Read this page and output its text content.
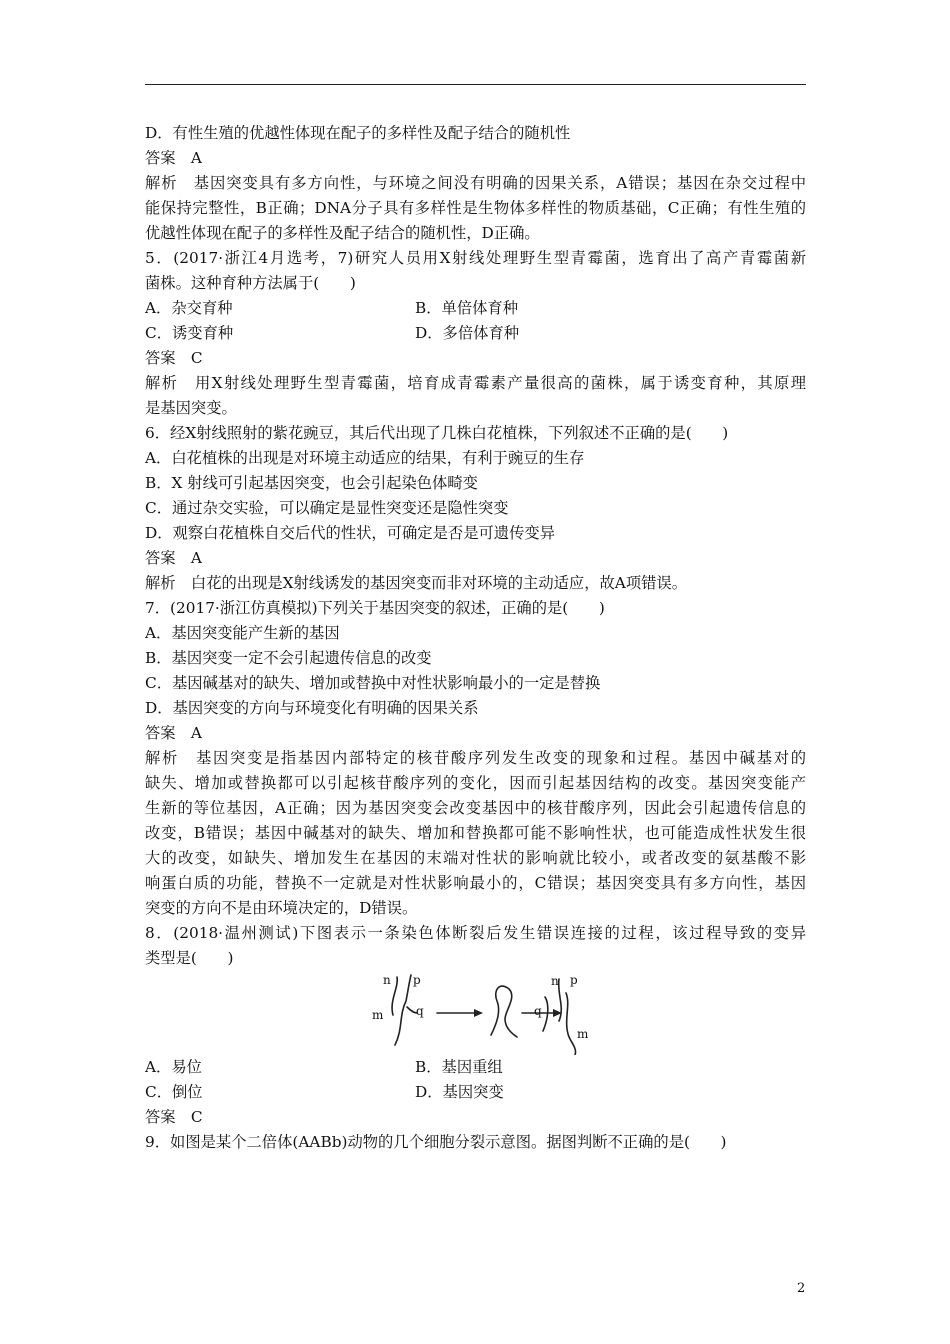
D．有性生殖的优越性体现在配子的多样性及配子结合的随机性
答案　A
解析　基因突变具有多方向性，与环境之间没有明确的因果关系，A错误；基因在杂交过程中
能保持完整性，B正确；DNA分子具有多样性是生物体多样性的物质基础，C正确；有性生殖的
优越性体现在配子的多样性及配子结合的随机性，D正确。
5．(2017·浙江4月选考，7)研究人员用X射线处理野生型青霉菌，选育出了高产青霉菌新
菌株。这种育种方法属于(　　)
A．杂交育种	B．单倍体育种
C．诱变育种	D．多倍体育种
答案　C
解析　用X射线处理野生型青霉菌，培育成青霉素产量很高的菌株，属于诱变育种，其原理
是基因突变。
6．经X射线照射的紫花豌豆，其后代出现了几株白花植株，下列叙述不正确的是(　　)
A．白花植株的出现是对环境主动适应的结果，有利于豌豆的生存
B．X 射线可引起基因突变，也会引起染色体畸变
C．通过杂交实验，可以确定是显性突变还是隐性突变
D．观察白花植株自交后代的性状，可确定是否是可遗传变异
答案　A
解析　白花的出现是X射线诱发的基因突变而非对环境的主动适应，故A项错误。
7．(2017·浙江仿真模拟)下列关于基因突变的叙述，正确的是(　　)
A．基因突变能产生新的基因
B．基因突变一定不会引起遗传信息的改变
C．基因碱基对的缺失、增加或替换中对性状影响最小的一定是替换
D．基因突变的方向与环境变化有明确的因果关系
答案　A
解析　基因突变是指基因内部特定的核苷酸序列发生改变的现象和过程。基因中碱基对的
缺失、增加或替换都可以引起核苷酸序列的变化，因而引起基因结构的改变。基因突变能产
生新的等位基因，A正确；因为基因突变会改变基因中的核苷酸序列，因此会引起遗传信息的
改变，B错误；基因中碱基对的缺失、增加和替换都可能不影响性状，也可能造成性状发生很
大的改变，如缺失、增加发生在基因的末端对性状的影响就比较小，或者改变的氨基酸不影
响蛋白质的功能，替换不一定就是对性状影响最小的，C错误；基因突变具有多方向性，基因
突变的方向不是由环境决定的，D错误。
8．(2018·温州测试)下图表示一条染色体断裂后发生错误连接的过程，该过程导致的变异
类型是(　　)
n p
m	q	q
p
n
m
A．易位	B．基因重组
C．倒位	D．基因突变
答案　C
9．如图是某个二倍体(AABb)动物的几个细胞分裂示意图。据图判断不正确的是(　　)
2
